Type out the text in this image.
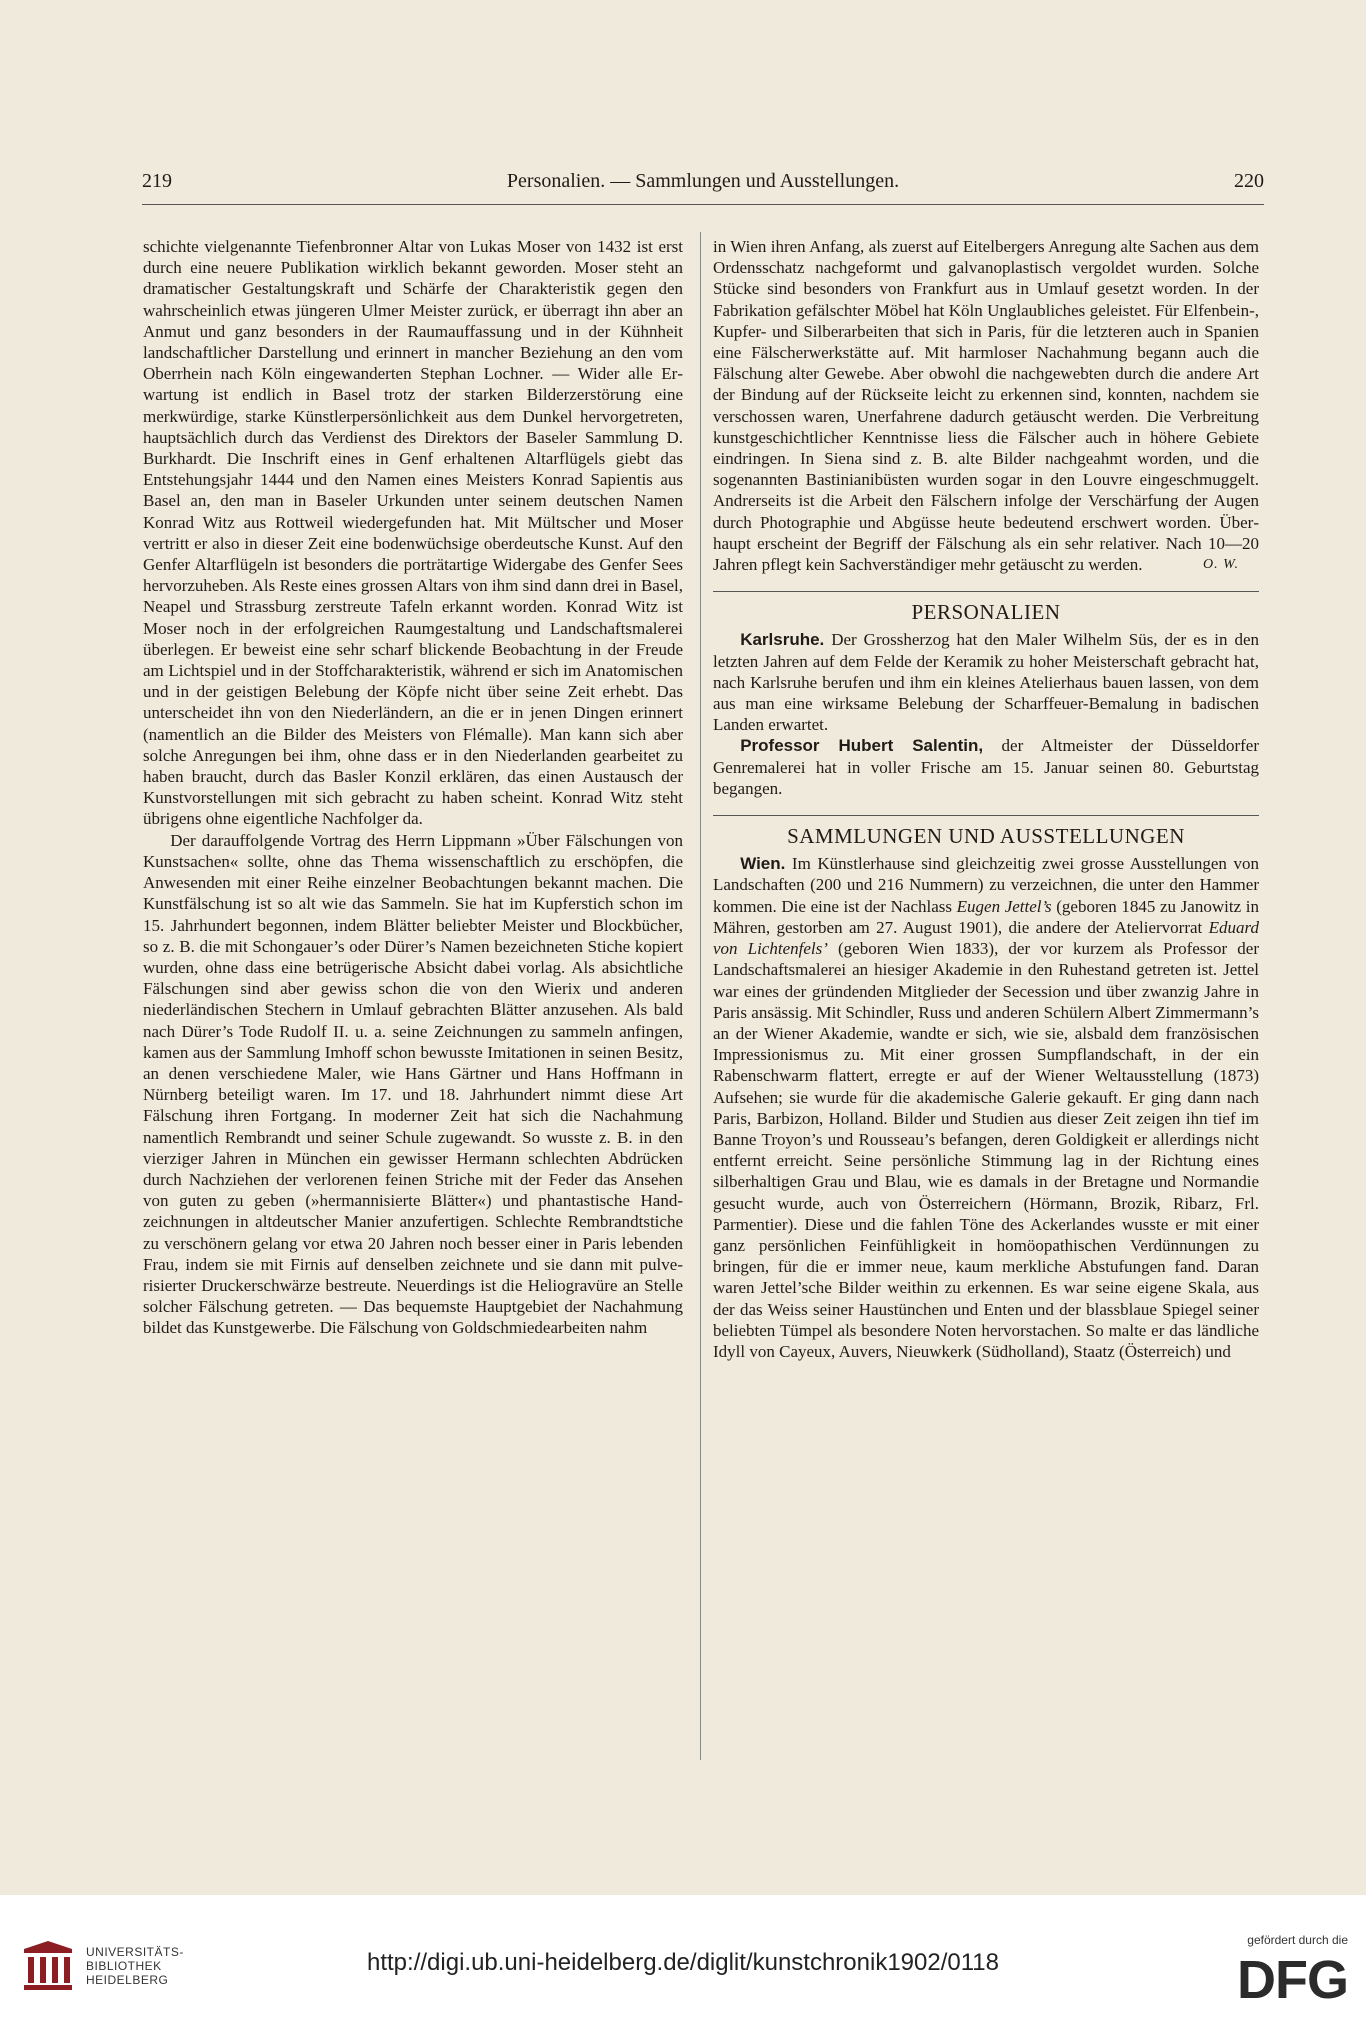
219	Personalien. — Sammlungen und Ausstellungen.	220

schichte vielgenannte Tiefenbronner Altar von Lukas Moser von 1432 ist erst durch eine neuere Publikation wirklich bekannt geworden. Moser steht an dramatischer Gestaltungskraft und Schärfe der Charakteristik gegen den wahrscheinlich etwas jüngeren Ulmer Meister zurück, er überragt ihn aber an Anmut und ganz besonders in der Raumauffassung und in der Kühnheit landschaftlicher Darstellung und erinnert in mancher Beziehung an den vom Oberrhein nach Köln eingewanderten Stephan Lochner. — Wider alle Erwartung ist endlich in Basel trotz der starken Bilderzerstörung eine merkwürdige, starke Künstlerpersönlichkeit aus dem Dunkel hervorgetreten, hauptsächlich durch das Verdienst des Direktors der Baseler Sammlung D. Burkhardt. Die Inschrift eines in Genf erhaltenen Altarflügels giebt das Entstehungsjahr 1444 und den Namen eines Meisters Konrad Sapientis aus Basel an, den man in Baseler Urkunden unter seinem deutschen Namen Konrad Witz aus Rottweil wiedergefunden hat. Mit Mültscher und Moser vertritt er also in dieser Zeit eine bodenwüchsige oberdeutsche Kunst. Auf den Genfer Altarflügeln ist besonders die porträtartige Widergabe des Genfer Sees hervorzuheben. Als Reste eines grossen Altars von ihm sind dann drei in Basel, Neapel und Strassburg zerstreute Tafeln erkannt worden. Konrad Witz ist Moser noch in der erfolgreichen Raumgestaltung und Landschaftsmalerei überlegen. Er beweist eine sehr scharf blickende Beobachtung in der Freude am Lichtspiel und in der Stoffcharakteristik, während er sich im Anatomischen und in der geistigen Belebung der Köpfe nicht über seine Zeit erhebt. Das unterscheidet ihn von den Niederländern, an die er in jenen Dingen erinnert (namentlich an die Bilder des Meisters von Flémalle). Man kann sich aber solche Anregungen bei ihm, ohne dass er in den Niederlanden gearbeitet zu haben braucht, durch das Basler Konzil erklären, das einen Austausch der Kunstvorstellungen mit sich gebracht zu haben scheint. Konrad Witz steht übrigens ohne eigentliche Nachfolger da.

Der darauffolgende Vortrag des Herrn Lippmann »Über Fälschungen von Kunstsachen« sollte, ohne das Thema wissenschaftlich zu erschöpfen, die Anwesenden mit einer Reihe einzelner Beobachtungen bekannt machen. Die Kunstfälschung ist so alt wie das Sammeln. Sie hat im Kupferstich schon im 15. Jahrhundert begonnen, indem Blätter beliebter Meister und Blockbücher, so z. B. die mit Schongauer’s oder Dürer’s Namen bezeichneten Stiche kopiert wurden, ohne dass eine betrügerische Absicht dabei vorlag. Als absichtliche Fälschungen sind aber gewiss schon die von den Wierix und anderen niederländischen Stechern in Umlauf gebrachten Blätter anzusehen. Als bald nach Dürer’s Tode Rudolf II. u. a. seine Zeichnungen zu sammeln anfingen, kamen aus der Sammlung Imhoff schon bewusste Imitationen in seinen Besitz, an denen verschiedene Maler, wie Hans Gärtner und Hans Hoffmann in Nürnberg beteiligt waren. Im 17. und 18. Jahrhundert nimmt diese Art Fälschung ihren Fortgang. In moderner Zeit hat sich die Nachahmung namentlich Rembrandt und seiner Schule zugewandt. So wusste z. B. in den vierziger Jahren in München ein gewisser Hermann schlechten Abdrücken durch Nachziehen der verlorenen feinen Striche mit der Feder das Ansehen von guten zu geben (»hermannisierte Blätter«) und phantastische Handzeichnungen in altdeutscher Manier anzufertigen. Schlechte Rembrandtstiche zu verschönern gelang vor etwa 20 Jahren noch besser einer in Paris lebenden Frau, indem sie mit Firnis auf denselben zeichnete und sie dann mit pulverisierter Druckerschwärze bestreute. Neuerdings ist die Heliogravüre an Stelle solcher Fälschung getreten. — Das bequemste Hauptgebiet der Nachahmung bildet das Kunstgewerbe. Die Fälschung von Goldschmiedearbeiten nahm

in Wien ihren Anfang, als zuerst auf Eitelbergers Anregung alte Sachen aus dem Ordensschatz nachgeformt und galvanoplastisch vergoldet wurden. Solche Stücke sind besonders von Frankfurt aus in Umlauf gesetzt worden. In der Fabrikation gefälschter Möbel hat Köln Unglaubliches geleistet. Für Elfenbein-, Kupfer- und Silberarbeiten that sich in Paris, für die letzteren auch in Spanien eine Fälscherwerkstätte auf. Mit harmloser Nachahmung begann auch die Fälschung alter Gewebe. Aber obwohl die nachgewebten durch die andere Art der Bindung auf der Rückseite leicht zu erkennen sind, konnten, nachdem sie verschossen waren, Unerfahrene dadurch getäuscht werden. Die Verbreitung kunstgeschichtlicher Kenntnisse liess die Fälscher auch in höhere Gebiete eindringen. In Siena sind z. B. alte Bilder nachgeahmt worden, und die sogenannten Bastinianibüsten wurden sogar in den Louvre eingeschmuggelt. Andrerseits ist die Arbeit den Fälschern infolge der Verschärfung der Augen durch Photographie und Abgüsse heute bedeutend erschwert worden. Überhaupt erscheint der Begriff der Fälschung als ein sehr relativer. Nach 10—20 Jahren pflegt kein Sachverständiger mehr getäuscht zu werden.	O. W.

PERSONALIEN

Karlsruhe. Der Grossherzog hat den Maler Wilhelm Süs, der es in den letzten Jahren auf dem Felde der Keramik zu hoher Meisterschaft gebracht hat, nach Karlsruhe berufen und ihm ein kleines Atelierhaus bauen lassen, von dem aus man eine wirksame Belebung der Scharffeuer-Bemalung in badischen Landen erwartet.

Professor Hubert Salentin, der Altmeister der Düsseldorfer Genremalerei hat in voller Frische am 15. Januar seinen 80. Geburtstag begangen.

SAMMLUNGEN UND AUSSTELLUNGEN

Wien. Im Künstlerhause sind gleichzeitig zwei grosse Ausstellungen von Landschaften (200 und 216 Nummern) zu verzeichnen, die unter den Hammer kommen. Die eine ist der Nachlass Eugen Jettel’s (geboren 1845 zu Janowitz in Mähren, gestorben am 27. August 1901), die andere der Ateliervorrat Eduard von Lichtenfels’ (geboren Wien 1833), der vor kurzem als Professor der Landschaftsmalerei an hiesiger Akademie in den Ruhestand getreten ist. Jettel war eines der gründenden Mitglieder der Secession und über zwanzig Jahre in Paris ansässig. Mit Schindler, Russ und anderen Schülern Albert Zimmermann’s an der Wiener Akademie, wandte er sich, wie sie, alsbald dem französischen Impressionismus zu. Mit einer grossen Sumpflandschaft, in der ein Rabenschwarm flattert, erregte er auf der Wiener Weltausstellung (1873) Aufsehen; sie wurde für die akademische Galerie gekauft. Er ging dann nach Paris, Barbizon, Holland. Bilder und Studien aus dieser Zeit zeigen ihn tief im Banne Troyon’s und Rousseau’s befangen, deren Goldigkeit er allerdings nicht entfernt erreicht. Seine persönliche Stimmung lag in der Richtung eines silberhaltigen Grau und Blau, wie es damals in der Bretagne und Normandie gesucht wurde, auch von Österreichern (Hörmann, Brozik, Ribarz, Frl. Parmentier). Diese und die fahlen Töne des Ackerlandes wusste er mit einer ganz persönlichen Feinfühligkeit in homöopathischen Verdünnungen zu bringen, für die er immer neue, kaum merkliche Abstufungen fand. Daran waren Jettel’sche Bilder weithin zu erkennen. Es war seine eigene Skala, aus der das Weiss seiner Haustünchen und Enten und der blassblaue Spiegel seiner beliebten Tümpel als besondere Noten hervorstachen. So malte er das ländliche Idyll von Cayeux, Auvers, Nieuwkerk (Südholland), Staatz (Österreich) und

UNIVERSITÄTS-
BIBLIOTHEK
HEIDELBERG
http://digi.ub.uni-heidelberg.de/diglit/kunstchronik1902/0118
gefördert durch die
DFG
